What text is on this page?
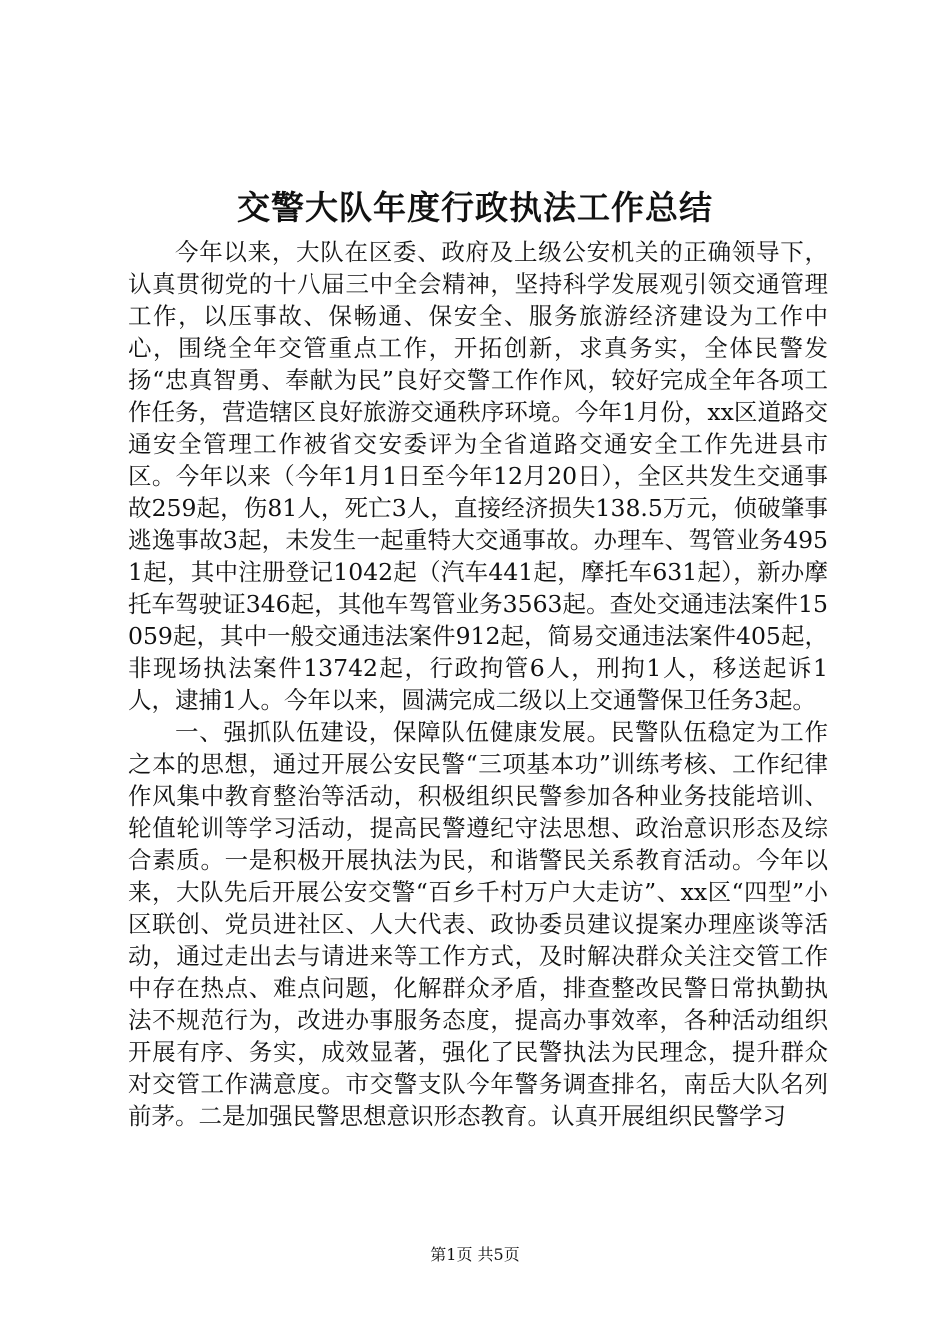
交警大队年度行政执法工作总结

今年以来，大队在区委、政府及上级公安机关的正确领导下，认真贯彻党的十八届三中全会精神，坚持科学发展观引领交通管理工作，以压事故、保畅通、保安全、服务旅游经济建设为工作中心，围绕全年交管重点工作，开拓创新，求真务实，全体民警发扬“忠真智勇、奉献为民”良好交警工作作风，较好完成全年各项工作任务，营造辖区良好旅游交通秩序环境。今年1月份，xx区道路交通安全管理工作被省交安委评为全省道路交通安全工作先进县市区。今年以来（今年1月1日至今年12月20日），全区共发生交通事故259起，伤81人，死亡3人，直接经济损失138.5万元，侦破肇事逃逸事故3起，未发生一起重特大交通事故。办理车、驾管业务4951起，其中注册登记1042起（汽车441起，摩托车631起），新办摩托车驾驶证346起，其他车驾管业务3563起。查处交通违法案件15059起，其中一般交通违法案件912起，简易交通违法案件405起，非现场执法案件13742起，行政拘管6人，刑拘1人，移送起诉1人，逮捕1人。今年以来，圆满完成二级以上交通警保卫任务3起。

一、强抓队伍建设，保障队伍健康发展。民警队伍稳定为工作之本的思想，通过开展公安民警“三项基本功”训练考核、工作纪律作风集中教育整治等活动，积极组织民警参加各种业务技能培训、轮值轮训等学习活动，提高民警遵纪守法思想、政治意识形态及综合素质。一是积极开展执法为民，和谐警民关系教育活动。今年以来，大队先后开展公安交警“百乡千村万户大走访”、xx区“四型”小区联创、党员进社区、人大代表、政协委员建议提案办理座谈等活动，通过走出去与请进来等工作方式，及时解决群众关注交管工作中存在热点、难点问题，化解群众矛盾，排查整改民警日常执勤执法不规范行为，改进办事服务态度，提高办事效率，各种活动组织开展有序、务实，成效显著，强化了民警执法为民理念，提升群众对交管工作满意度。市交警支队今年警务调查排名，南岳大队名列前茅。二是加强民警思想意识形态教育。认真开展组织民警学习

第1页 共5页
